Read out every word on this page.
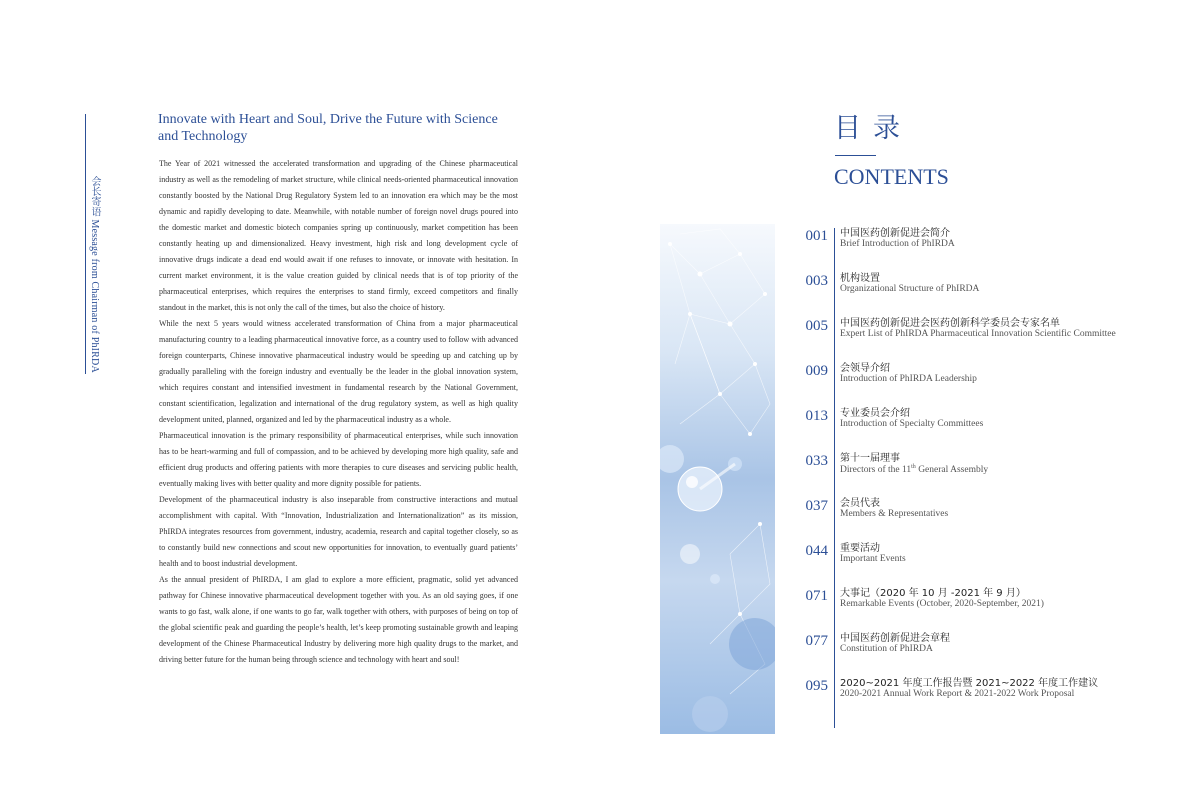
会长寄语 Message from Chairman of PhIRDA
Innovate with Heart and Soul, Drive the Future with Science and Technology

The Year of 2021 witnessed the accelerated transformation and upgrading of the Chinese pharmaceutical industry as well as the remodeling of market structure, while clinical needs-oriented pharmaceutical innovation constantly boosted by the National Drug Regulatory System led to an innovation era which may be the most dynamic and rapidly developing to date. Meanwhile, with notable number of foreign novel drugs poured into the domestic market and domestic biotech companies spring up continuously, market competition has been constantly heating up and dimensionalized. Heavy investment, high risk and long development cycle of innovative drugs indicate a dead end would await if one refuses to innovate, or innovate with hesitation. In current market environment, it is the value creation guided by clinical needs that is of top priority of the pharmaceutical enterprises, which requires the enterprises to stand firmly, exceed competitors and finally standout in the market, this is not only the call of the times, but also the choice of history.

While the next 5 years would witness accelerated transformation of China from a major pharmaceutical manufacturing country to a leading pharmaceutical innovative force, as a country used to follow with advanced foreign counterparts, Chinese innovative pharmaceutical industry would be speeding up and catching up by gradually paralleling with the foreign industry and eventually be the leader in the global innovation system, which requires constant and intensified investment in fundamental research by the National Government, constant scientification, legalization and international of the drug regulatory system, as well as high quality development united, planned, organized and led by the pharmaceutical industry as a whole.

Pharmaceutical innovation is the primary responsibility of pharmaceutical enterprises, while such innovation has to be heart-warming and full of compassion, and to be achieved by developing more high quality, safe and efficient drug products and offering patients with more therapies to cure diseases and servicing public health, eventually making lives with better quality and more dignity possible for patients.

Development of the pharmaceutical industry is also inseparable from constructive interactions and mutual accomplishment with capital. With “Innovation, Industrialization and Internationalization” as its mission, PhIRDA integrates resources from government, industry, academia, research and capital together closely, so as to constantly build new connections and scout new opportunities for innovation, to eventually guard patients’ health and to boost industrial development.

As the annual president of PhIRDA, I am glad to explore a more efficient, pragmatic, solid yet advanced pathway for Chinese innovative pharmaceutical development together with you. As an old saying goes, if one wants to go fast, walk alone, if one wants to go far, walk together with others, with purposes of being on top of the global scientific peak and guarding the people’s health, let’s keep promoting sustainable growth and leaping development of the Chinese Pharmaceutical Industry by delivering more high quality drugs to the market, and driving better future for the human being through science and technology with heart and soul!

目录
CONTENTS
001 中国医药创新促进会简介
Brief Introduction of PhIRDA
003 机构设置
Organizational Structure of PhIRDA
005 中国医药创新促进会医药创新科学委员会专家名单
Expert List of PhIRDA Pharmaceutical Innovation Scientific Committee
009 会领导介绍
Introduction of PhIRDA Leadership
013 专业委员会介绍
Introduction of Specialty Committees
033 第十一届理事
Directors of the 11th General Assembly
037 会员代表
Members & Representatives
044 重要活动
Important Events
071 大事记（2020 年 10 月 -2021 年 9 月）
Remarkable Events (October, 2020-September, 2021)
077 中国医药创新促进会章程
Constitution of PhIRDA
095 2020~2021 年度工作报告暨 2021~2022 年度工作建议
2020-2021 Annual Work Report & 2021-2022 Work Proposal
